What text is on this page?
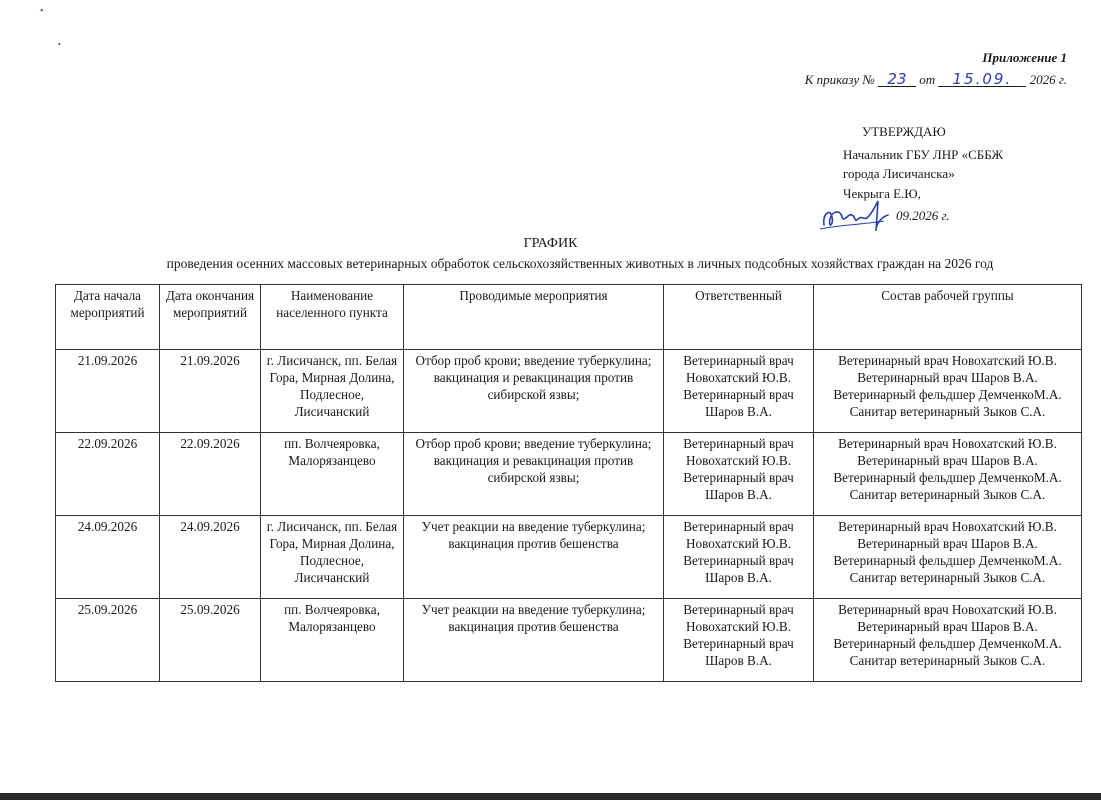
•
•
Приложение 1
К приказу № 23 от 15.09. 2026 г.
УТВЕРЖДАЮ
Начальник ГБУ ЛНР «СББЖ
города Лисичанска»
Чекрыга Е.Ю,
09.2026 г.
ГРАФИК
проведения осенних массовых ветеринарных обработок сельскохозяйственных животных в личных подсобных хозяйствах граждан на 2026 год
Дата начала мероприятий	Дата окончания мероприятий	Наименование населенного пункта	Проводимые мероприятия	Ответственный	Состав рабочей группы
21.09.2026	21.09.2026	г. Лисичанск, пп. Белая Гора, Мирная Долина, Подлесное, Лисичанский	Отбор проб крови; введение туберкулина; вакцинация и ревакцинация против сибирской язвы;	Ветеринарный врач Новохатский Ю.В. Ветеринарный врач Шаров В.А.	Ветеринарный врач Новохатский Ю.В. Ветеринарный врач Шаров В.А. Ветеринарный фельдшер ДемченкоМ.А. Санитар ветеринарный Зыков С.А.
22.09.2026	22.09.2026	пп. Волчеяровка, Малорязанцево	Отбор проб крови; введение туберкулина; вакцинация и ревакцинация против сибирской язвы;	Ветеринарный врач Новохатский Ю.В. Ветеринарный врач Шаров В.А.	Ветеринарный врач Новохатский Ю.В. Ветеринарный врач Шаров В.А. Ветеринарный фельдшер ДемченкоМ.А. Санитар ветеринарный Зыков С.А.
24.09.2026	24.09.2026	г. Лисичанск, пп. Белая Гора, Мирная Долина, Подлесное, Лисичанский	Учет реакции на введение туберкулина; вакцинация против бешенства	Ветеринарный врач Новохатский Ю.В. Ветеринарный врач Шаров В.А.	Ветеринарный врач Новохатский Ю.В. Ветеринарный врач Шаров В.А. Ветеринарный фельдшер ДемченкоМ.А. Санитар ветеринарный Зыков С.А.
25.09.2026	25.09.2026	пп. Волчеяровка, Малорязанцево	Учет реакции на введение туберкулина; вакцинация против бешенства	Ветеринарный врач Новохатский Ю.В. Ветеринарный врач Шаров В.А.	Ветеринарный врач Новохатский Ю.В. Ветеринарный врач Шаров В.А. Ветеринарный фельдшер ДемченкоМ.А. Санитар ветеринарный Зыков С.А.
